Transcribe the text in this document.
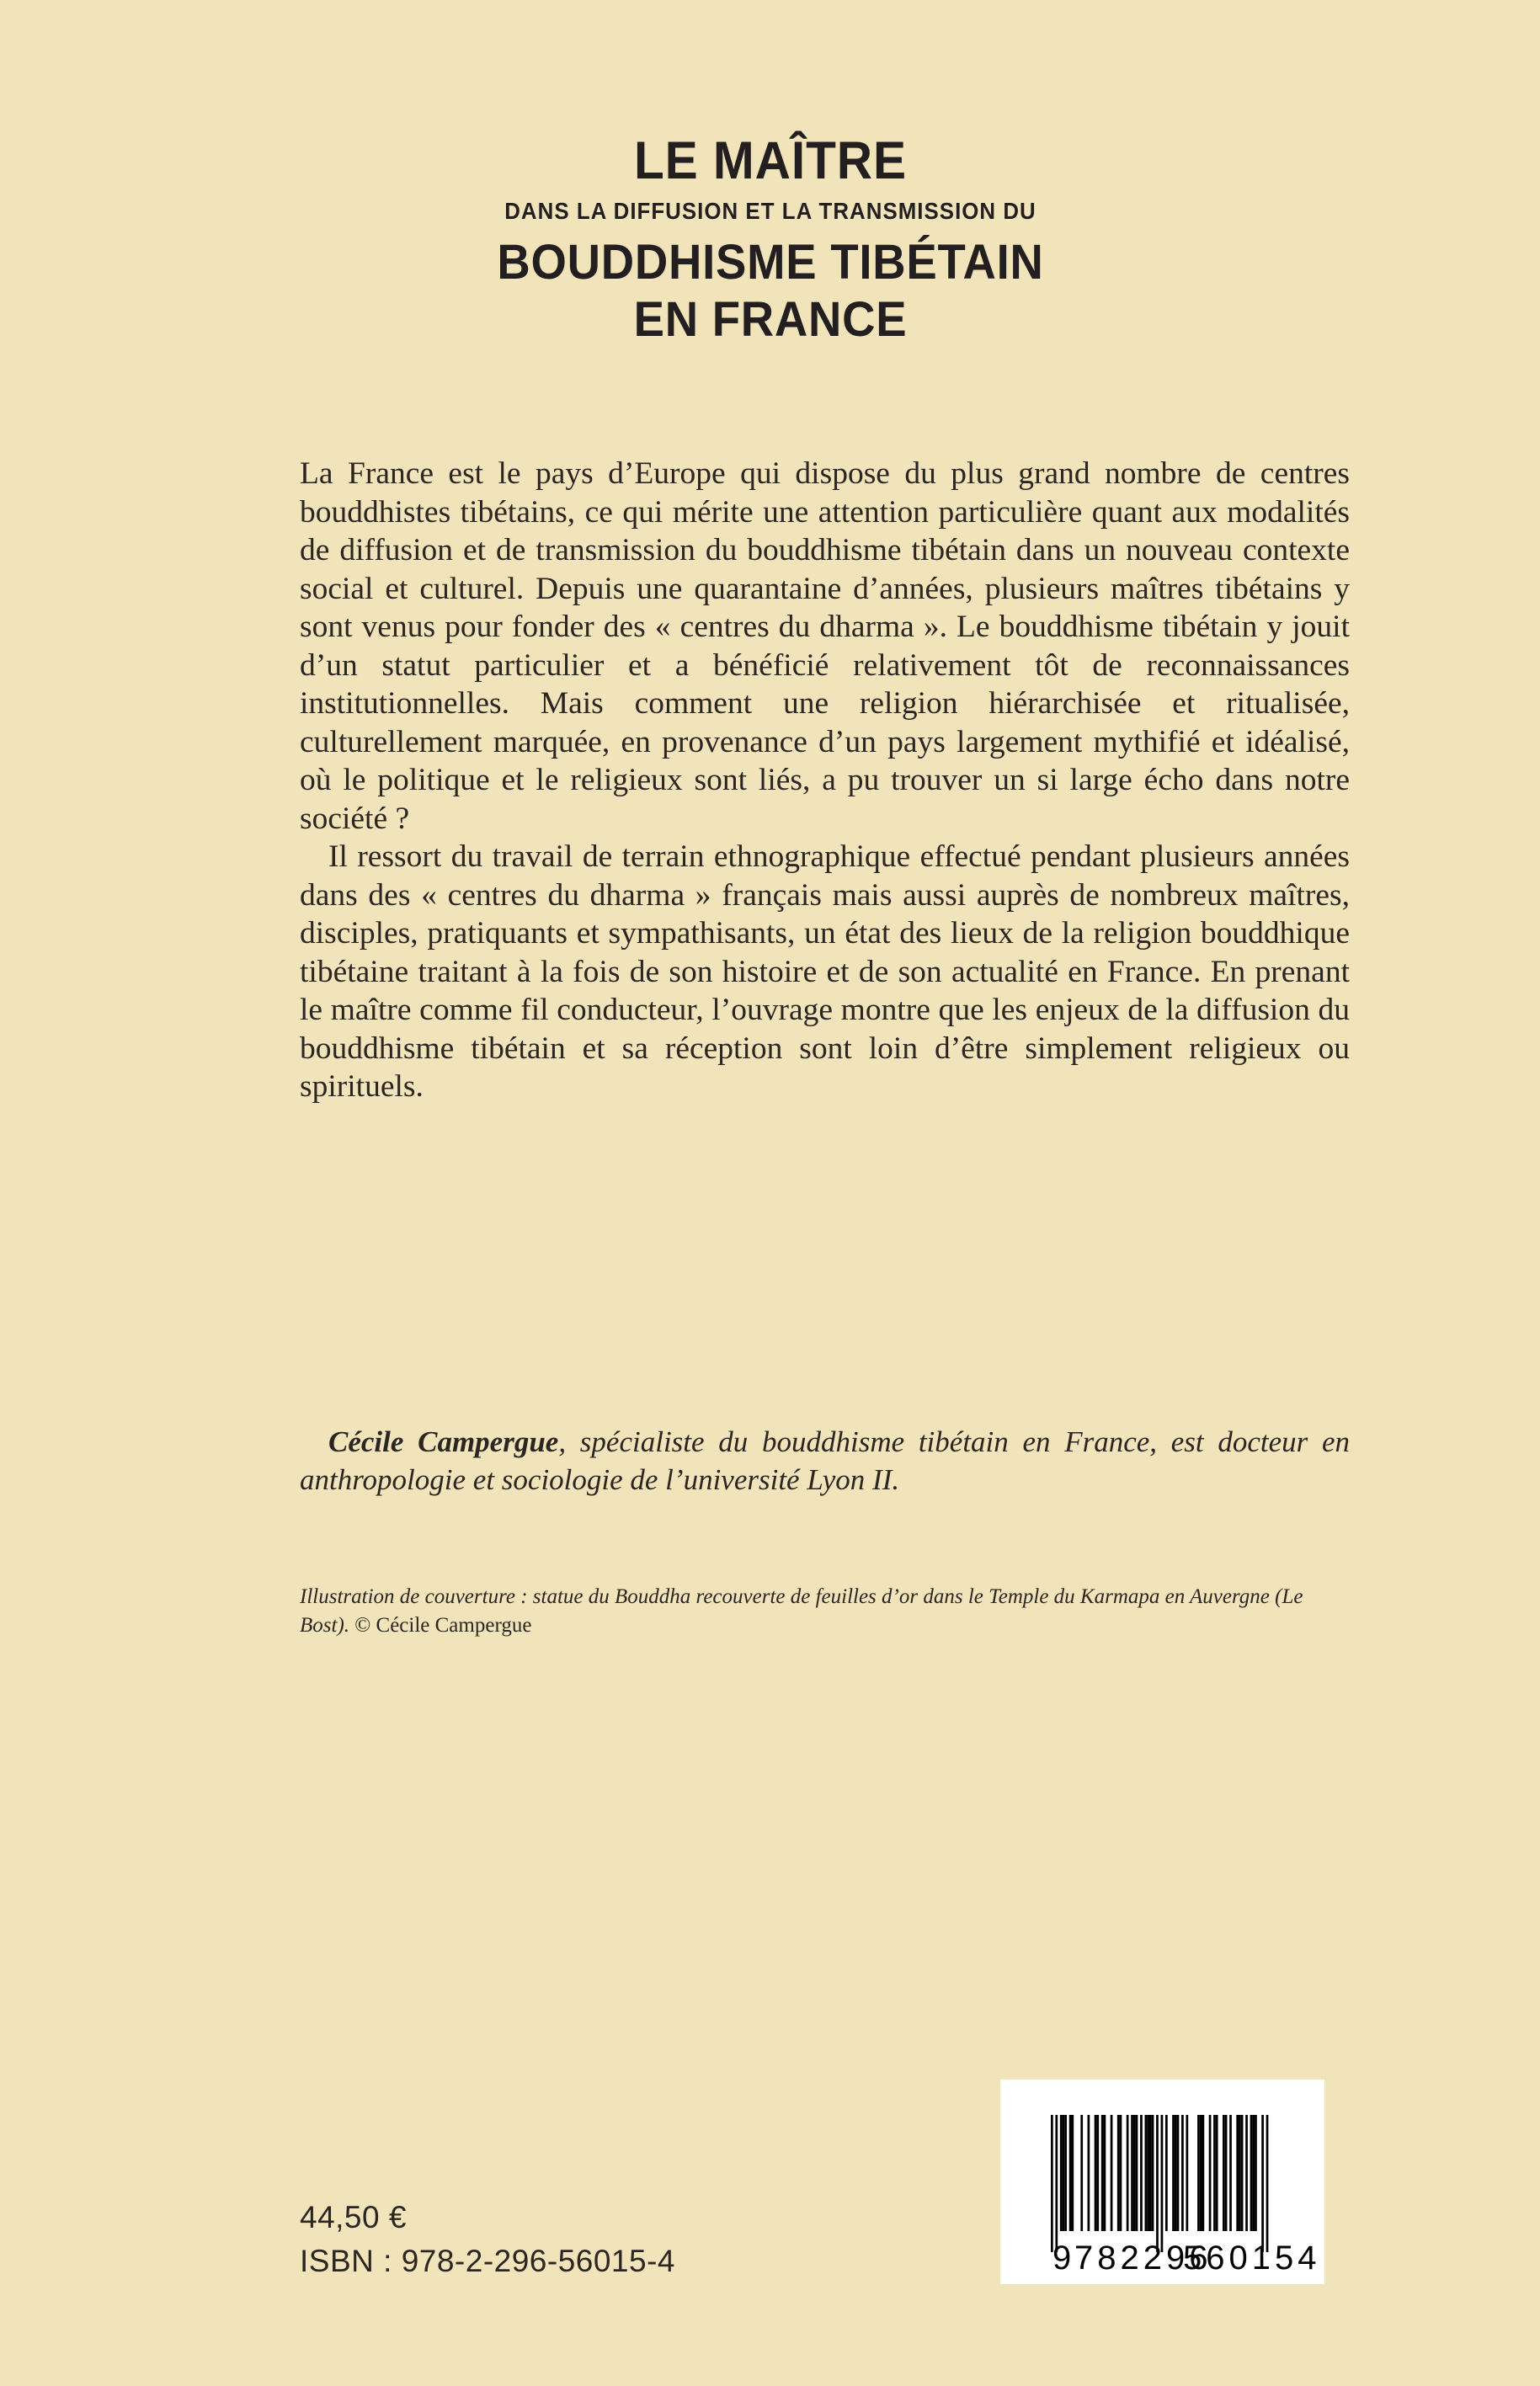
LE MAÎTRE
DANS LA DIFFUSION ET LA TRANSMISSION DU
BOUDDHISME TIBÉTAIN
EN FRANCE

La France est le pays d’Europe qui dispose du plus grand nombre de centres bouddhistes tibétains, ce qui mérite une attention particulière quant aux modalités de diffusion et de transmission du bouddhisme tibétain dans un nouveau contexte social et culturel. Depuis une quarantaine d’années, plusieurs maîtres tibétains y sont venus pour fonder des « centres du dharma ». Le bouddhisme tibétain y jouit d’un statut particulier et a bénéficié relativement tôt de reconnaissances institutionnelles. Mais comment une religion hiérarchisée et ritualisée, culturellement marquée, en provenance d’un pays largement mythifié et idéalisé, où le politique et le religieux sont liés, a pu trouver un si large écho dans notre société ?

Il ressort du travail de terrain ethnographique effectué pendant plusieurs années dans des « centres du dharma » français mais aussi auprès de nombreux maîtres, disciples, pratiquants et sympathisants, un état des lieux de la religion bouddhique tibétaine traitant à la fois de son histoire et de son actualité en France. En prenant le maître comme fil conducteur, l’ouvrage montre que les enjeux de la diffusion du bouddhisme tibétain et sa réception sont loin d’être simplement religieux ou spirituels.

Cécile Campergue, spécialiste du bouddhisme tibétain en France, est docteur en anthropologie et sociologie de l’université Lyon II.

Illustration de couverture : statue du Bouddha recouverte de feuilles d’or dans le Temple du Karmapa en Auvergne (Le Bost). © Cécile Campergue

44,50 €
ISBN : 978-2-296-56015-4	9 782296
560154
